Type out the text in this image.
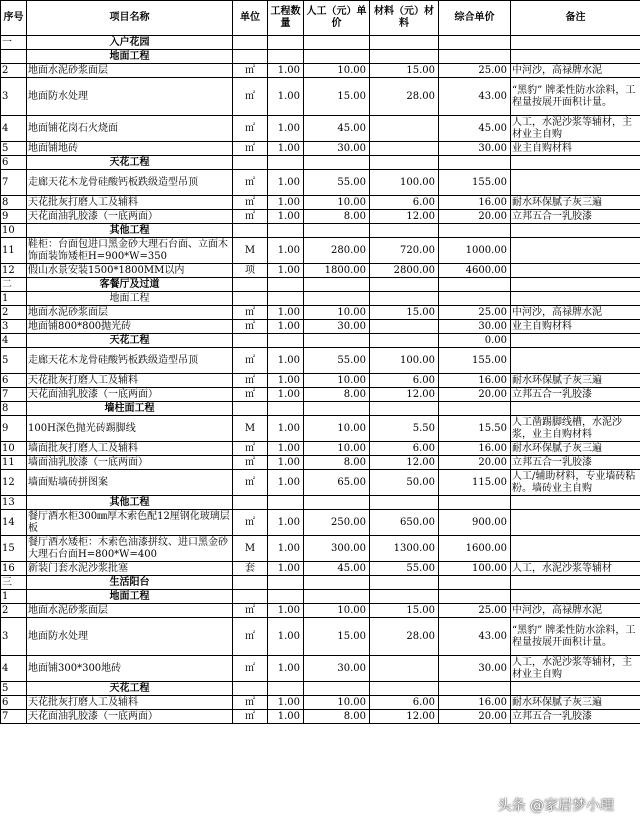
序号	项目名称	单位	工程数量	人工（元）单价	材料（元）材料	综合单价	备注
一	入户花园						
	地面工程						
2	地面水泥砂浆面层	㎡	1.00	10.00	15.00	25.00	中河沙，高禄牌水泥
3	地面防水处理	㎡	1.00	15.00	28.00	43.00	“黑豹” 牌柔性防水涂料，工程量按展开面积计量。
4	地面铺花岗石火烧面	㎡	1.00	45.00		45.00	人工，水泥沙浆等辅材，主材业主自购
5	地面铺地砖	㎡	1.00	30.00		30.00	业主自购材料
6	天花工程						
7	走廊天花木龙骨硅酸钙板跌级造型吊顶	㎡	1.00	55.00	100.00	155.00	
8	天花批灰打磨人工及辅料	㎡	1.00	10.00	6.00	16.00	耐水环保腻子灰三遍
9	天花面油乳胶漆（一底两面）	㎡	1.00	8.00	12.00	20.00	立邦五合一乳胶漆
10	其他工程						
11	鞋柜：台面包进口黑金砂大理石台面、立面木饰面装饰矮柜H=900*W=350	M	1.00	280.00	720.00	1000.00	
12	假山水景安装1500*1800MM以内	项	1.00	1800.00	2800.00	4600.00	
二	客餐厅及过道						
1	地面工程						
2	地面水泥砂浆面层	㎡	1.00	10.00	15.00	25.00	中河沙，高禄牌水泥
3	地面铺800*800抛光砖	㎡	1.00	30.00		30.00	业主自购材料
4	天花工程					0.00	
5	走廊天花木龙骨硅酸钙板跌级造型吊顶	㎡	1.00	55.00	100.00	155.00	
6	天花批灰打磨人工及辅料	㎡	1.00	10.00	6.00	16.00	耐水环保腻子灰三遍
7	天花面油乳胶漆（一底两面）	㎡	1.00	8.00	12.00	20.00	立邦五合一乳胶漆
8	墙柱面工程						
9	100H深色抛光砖踢脚线	M	1.00	10.00	5.50	15.50	人工凿踢脚线槽，水泥沙浆，业主自购材料
10	墙面批灰打磨人工及辅料	㎡	1.00	10.00	6.00	16.00	耐水环保腻子灰三遍
11	墙面油乳胶漆（一底两面）	㎡	1.00	8.00	12.00	20.00	立邦五合一乳胶漆
12	墙面贴墙砖拼图案	㎡	1.00	65.00	50.00	115.00	人工/辅助材料，专业墙砖粘粉。墙砖业主自购
13	其他工程						
14	餐厅酒水柜300㎜厚木索色配12厘钢化玻璃层板	㎡	1.00	250.00	650.00	900.00	
15	餐厅酒水矮柜：木索色油漆拼纹、进口黑金砂大理石台面H=800*W=400	M	1.00	300.00	1300.00	1600.00	
16	新装门套水泥沙浆批塞	套	1.00	45.00	55.00	100.00	人工，水泥沙浆等辅材
三	生活阳台						
1	地面工程						
2	地面水泥砂浆面层	㎡	1.00	10.00	15.00	25.00	中河沙，高禄牌水泥
3	地面防水处理	㎡	1.00	15.00	28.00	43.00	“黑豹” 牌柔性防水涂料，工程量按展开面积计量。
4	地面铺300*300地砖	㎡	1.00	30.00		30.00	人工，水泥沙浆等辅材，主材业主自购
5	天花工程						
6	天花批灰打磨人工及辅料	㎡	1.00	10.00	6.00	16.00	耐水环保腻子灰三遍
7	天花面油乳胶漆（一底两面）	㎡	1.00	8.00	12.00	20.00	立邦五合一乳胶漆
头条 @家居梦小理
